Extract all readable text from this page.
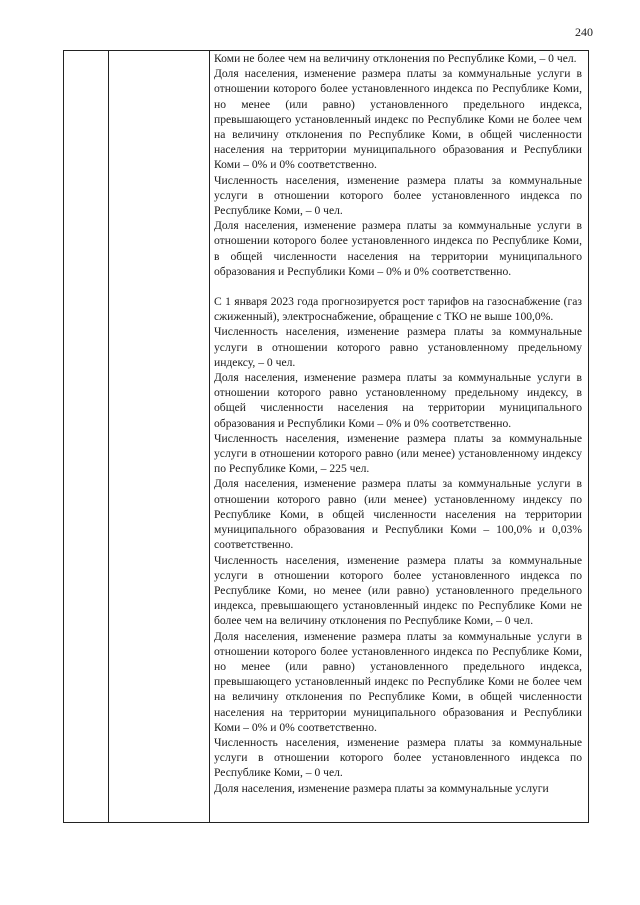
240

Коми не более чем на величину отклонения по Республике Коми, – 0 чел.

Доля населения, изменение размера платы за коммунальные услуги в отношении которого более установленного индекса по Республике Коми, но менее (или равно) установленного предельного индекса, превышающего установленный индекс по Республике Коми не более чем на величину отклонения по Республике Коми, в общей численности населения на территории муниципального образования и Республики Коми – 0% и 0% соответственно.

Численность населения, изменение размера платы за коммунальные услуги в отношении которого более установленного индекса по Республике Коми, – 0 чел.

Доля населения, изменение размера платы за коммунальные услуги в отношении которого более установленного индекса по Республике Коми, в общей численности населения на территории муниципального образования и Республики Коми – 0% и 0% соответственно.

С 1 января 2023 года прогнозируется рост тарифов на газоснабжение (газ сжиженный), электроснабжение, обращение с ТКО не выше 100,0%.

Численность населения, изменение размера платы за коммунальные услуги в отношении которого равно установленному предельному индексу, – 0 чел.

Доля населения, изменение размера платы за коммунальные услуги в отношении которого равно установленному предельному индексу, в общей численности населения на территории муниципального образования и Республики Коми – 0% и 0% соответственно.

Численность населения, изменение размера платы за коммунальные услуги в отношении которого равно (или менее) установленному индексу по Республике Коми, – 225 чел.

Доля населения, изменение размера платы за коммунальные услуги в отношении которого равно (или менее) установленному индексу по Республике Коми, в общей численности населения на территории муниципального образования и Республики Коми – 100,0% и 0,03% соответственно.

Численность населения, изменение размера платы за коммунальные услуги в отношении которого более установленного индекса по Республике Коми, но менее (или равно) установленного предельного индекса, превышающего установленный индекс по Республике Коми не более чем на величину отклонения по Республике Коми, – 0 чел.

Доля населения, изменение размера платы за коммунальные услуги в отношении которого более установленного индекса по Республике Коми, но менее (или равно) установленного предельного индекса, превышающего установленный индекс по Республике Коми не более чем на величину отклонения по Республике Коми, в общей численности населения на территории муниципального образования и Республики Коми – 0% и 0% соответственно.

Численность населения, изменение размера платы за коммунальные услуги в отношении которого более установленного индекса по Республике Коми, – 0 чел.

Доля населения, изменение размера платы за коммунальные услуги
